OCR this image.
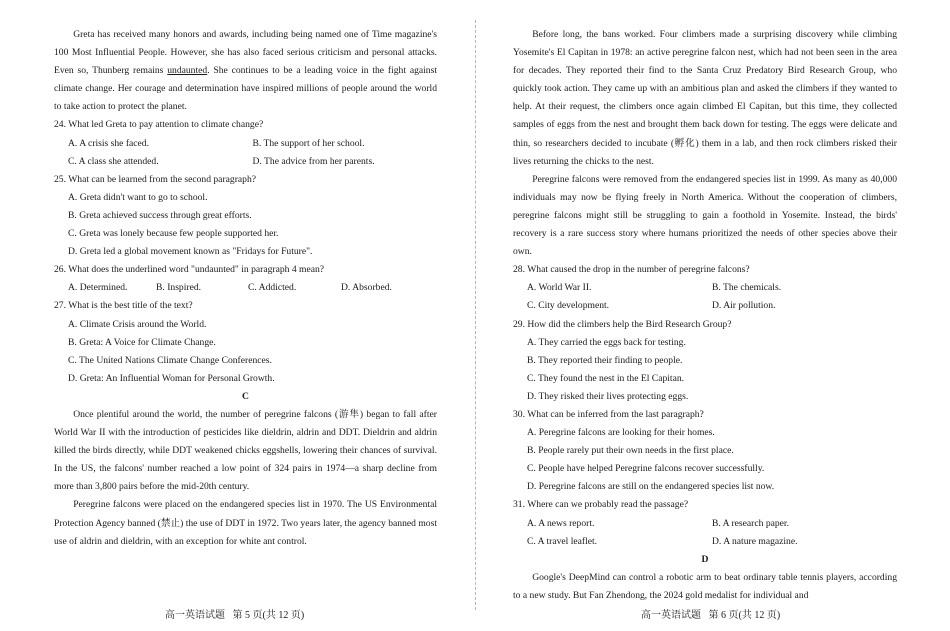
Greta has received many honors and awards, including being named one of Time magazine's 100 Most Influential People. However, she has also faced serious criticism and personal attacks. Even so, Thunberg remains undaunted. She continues to be a leading voice in the fight against climate change. Her courage and determination have inspired millions of people around the world to take action to protect the planet.

24. What led Greta to pay attention to climate change?

A. A crisis she faced.	B. The support of her school.
C. A class she attended.	D. The advice from her parents.

25. What can be learned from the second paragraph?

A. Greta didn't want to go to school.

B. Greta achieved success through great efforts.

C. Greta was lonely because few people supported her.

D. Greta led a global movement known as "Fridays for Future".

26. What does the underlined word "undaunted" in paragraph 4 mean?

A. Determined.	B. Inspired.	C. Addicted.	D. Absorbed.

27. What is the best title of the text?

A. Climate Crisis around the World.

B. Greta: A Voice for Climate Change.

C. The United Nations Climate Change Conferences.

D. Greta: An Influential Woman for Personal Growth.

C

Once plentiful around the world, the number of peregrine falcons (游隼) began to fall after World War II with the introduction of pesticides like dieldrin, aldrin and DDT. Dieldrin and aldrin killed the birds directly, while DDT weakened chicks eggshells, lowering their chances of survival. In the US, the falcons' number reached a low point of 324 pairs in 1974—a sharp decline from more than 3,800 pairs before the mid-20th century.

Peregrine falcons were placed on the endangered species list in 1970. The US Environmental Protection Agency banned (禁止) the use of DDT in 1972. Two years later, the agency banned most use of aldrin and dieldrin, with an exception for white ant control.

Before long, the bans worked. Four climbers made a surprising discovery while climbing Yosemite's El Capitan in 1978: an active peregrine falcon nest, which had not been seen in the area for decades. They reported their find to the Santa Cruz Predatory Bird Research Group, who quickly took action. They came up with an ambitious plan and asked the climbers if they wanted to help. At their request, the climbers once again climbed El Capitan, but this time, they collected samples of eggs from the nest and brought them back down for testing. The eggs were delicate and thin, so researchers decided to incubate (孵化) them in a lab, and then rock climbers risked their lives returning the chicks to the nest.

Peregrine falcons were removed from the endangered species list in 1999. As many as 40,000 individuals may now be flying freely in North America. Without the cooperation of climbers, peregrine falcons might still be struggling to gain a foothold in Yosemite. Instead, the birds' recovery is a rare success story where humans prioritized the needs of other species above their own.

28. What caused the drop in the number of peregrine falcons?

A. World War II.	B. The chemicals.
C. City development.	D. Air pollution.

29. How did the climbers help the Bird Research Group?

A. They carried the eggs back for testing.

B. They reported their finding to people.

C. They found the nest in the El Capitan.

D. They risked their lives protecting eggs.

30. What can be inferred from the last paragraph?

A. Peregrine falcons are looking for their homes.

B. People rarely put their own needs in the first place.

C. People have helped Peregrine falcons recover successfully.

D. Peregrine falcons are still on the endangered species list now.

31. Where can we probably read the passage?

A. A news report.	B. A research paper.
C. A travel leaflet.	D. A nature magazine.

D

Google's DeepMind can control a robotic arm to beat ordinary table tennis players, according to a new study. But Fan Zhendong, the 2024 gold medalist for individual and

高一英语试题   第 5 页(共 12 页)	高一英语试题   第 6 页(共 12 页)
